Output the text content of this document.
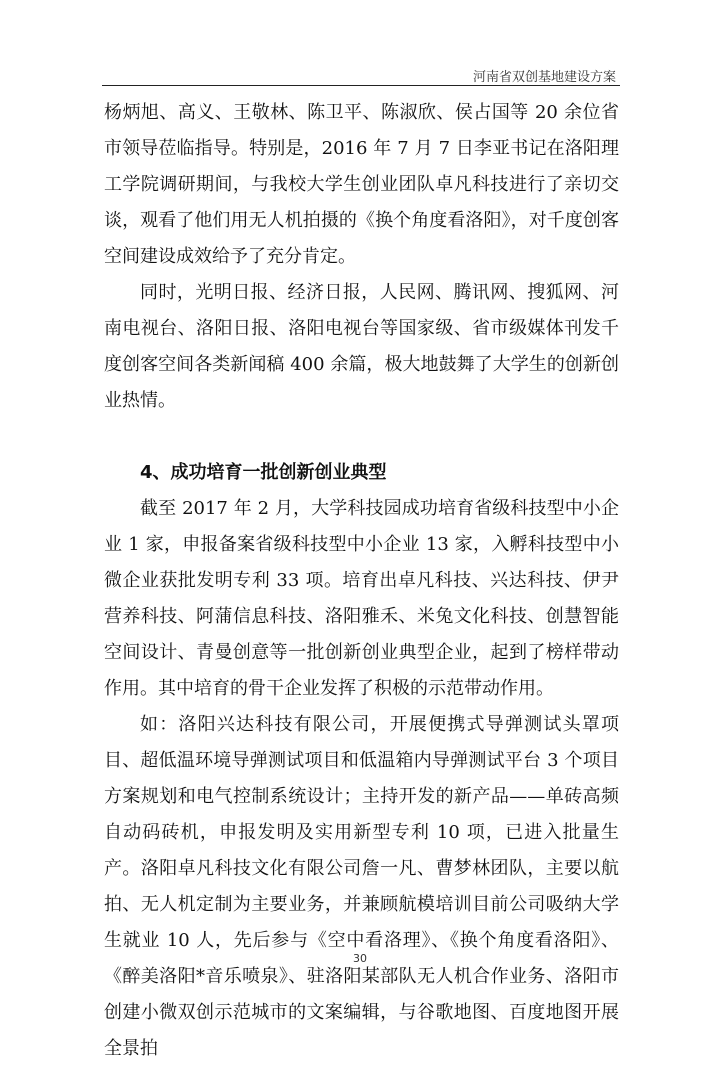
河南省双创基地建设方案

杨炳旭、高义、王敬林、陈卫平、陈淑欣、侯占国等 20 余位省市领导莅临指导。特别是，2016 年 7 月 7 日李亚书记在洛阳理工学院调研期间，与我校大学生创业团队卓凡科技进行了亲切交谈，观看了他们用无人机拍摄的《换个角度看洛阳》，对千度创客空间建设成效给予了充分肯定。

同时，光明日报、经济日报，人民网、腾讯网、搜狐网、河南电视台、洛阳日报、洛阳电视台等国家级、省市级媒体刊发千度创客空间各类新闻稿 400 余篇，极大地鼓舞了大学生的创新创业热情。

4、成功培育一批创新创业典型

截至 2017 年 2 月，大学科技园成功培育省级科技型中小企业 1 家，申报备案省级科技型中小企业 13 家，入孵科技型中小微企业获批发明专利 33 项。培育出卓凡科技、兴达科技、伊尹营养科技、阿蒲信息科技、洛阳雅禾、米兔文化科技、创慧智能空间设计、青曼创意等一批创新创业典型企业，起到了榜样带动作用。其中培育的骨干企业发挥了积极的示范带动作用。

如：洛阳兴达科技有限公司，开展便携式导弹测试头罩项目、超低温环境导弹测试项目和低温箱内导弹测试平台 3 个项目方案规划和电气控制系统设计；主持开发的新产品——单砖高频自动码砖机，申报发明及实用新型专利 10 项，已进入批量生产。洛阳卓凡科技文化有限公司詹一凡、曹梦林团队，主要以航拍、无人机定制为主要业务，并兼顾航模培训目前公司吸纳大学生就业 10 人，先后参与《空中看洛理》、《换个角度看洛阳》、《醉美洛阳*音乐喷泉》、驻洛阳某部队无人机合作业务、洛阳市创建小微双创示范城市的文案编辑，与谷歌地图、百度地图开展全景拍

30
